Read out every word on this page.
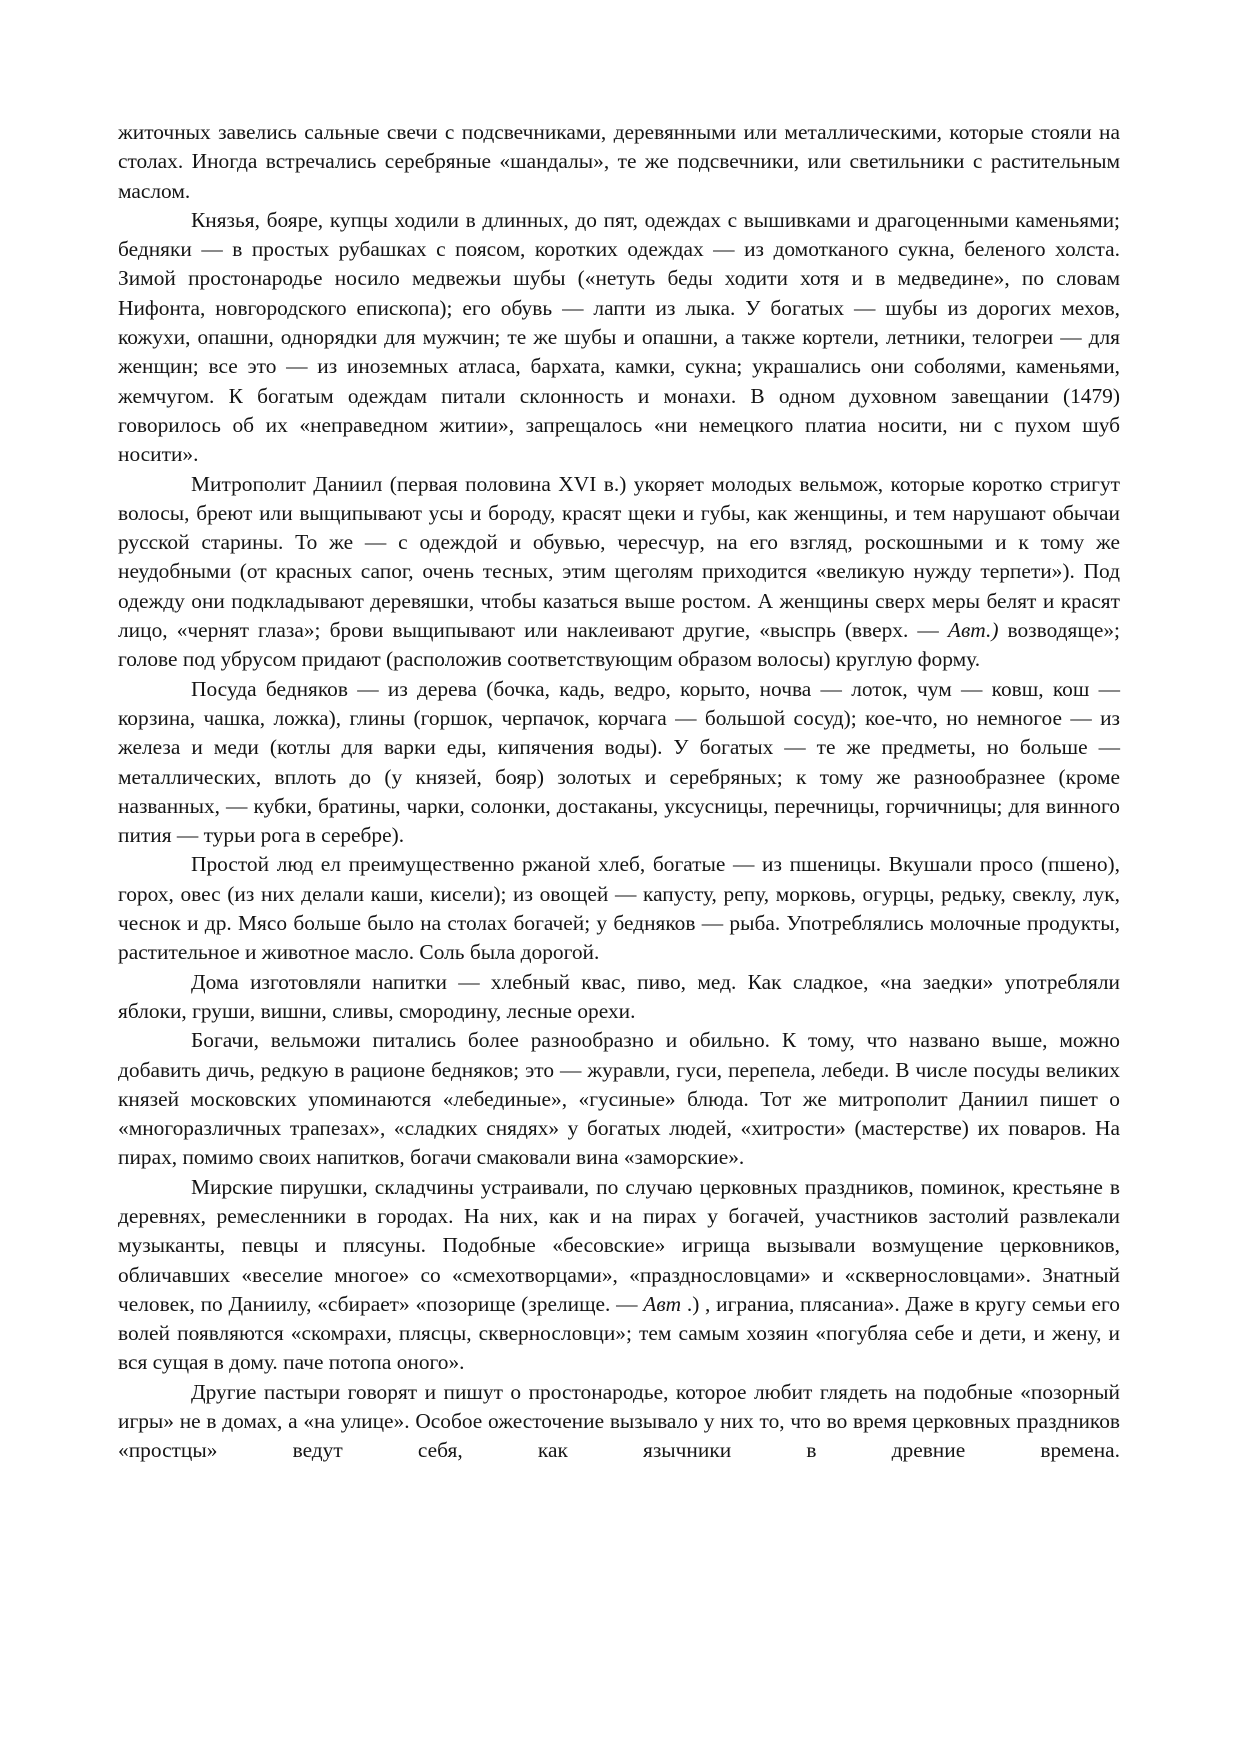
житочных завелись сальные свечи с подсвечниками, деревянными или металлическими, которые стояли на столах. Иногда встречались серебряные «шандалы», те же подсвечники, или светильники с растительным маслом.

Князья, бояре, купцы ходили в длинных, до пят, одеждах с вышивками и драгоценными каменьями; бедняки — в простых рубашках с поясом, коротких одеждах — из домотканого сукна, беленого холста. Зимой простонародье носило медвежьи шубы («нетуть беды ходити хотя и в медведине», по словам Нифонта, новгородского епископа); его обувь — лапти из лыка. У богатых — шубы из дорогих мехов, кожухи, опашни, однорядки для мужчин; те же шубы и опашни, а также кортели, летники, телогреи — для женщин; все это — из иноземных атласа, бархата, камки, сукна; украшались они соболями, каменьями, жемчугом. К богатым одеждам питали склонность и монахи. В одном духовном завещании (1479) говорилось об их «неправедном житии», запрещалось «ни немецкого платиа носити, ни с пухом шуб носити».

Митрополит Даниил (первая половина XVI в.) укоряет молодых вельмож, которые коротко стригут волосы, бреют или выщипывают усы и бороду, красят щеки и губы, как женщины, и тем нарушают обычаи русской старины. То же — с одеждой и обувью, чересчур, на его взгляд, роскошными и к тому же неудобными (от красных сапог, очень тесных, этим щеголям приходится «великую нужду терпети»). Под одежду они подкладывают деревяшки, чтобы казаться выше ростом. А женщины сверх меры белят и красят лицо, «чернят глаза»; брови выщипывают или наклеивают другие, «выспрь (вверх. — Авт.) возводяще»; голове под убрусом придают (расположив соответствующим образом волосы) круглую форму.

Посуда бедняков — из дерева (бочка, кадь, ведро, корыто, ночва — лоток, чум — ковш, кош — корзина, чашка, ложка), глины (горшок, черпачок, корчага — большой сосуд); кое-что, но немногое — из железа и меди (котлы для варки еды, кипячения воды). У богатых — те же предметы, но больше — металлических, вплоть до (у князей, бояр) золотых и серебряных; к тому же разнообразнее (кроме названных, — кубки, братины, чарки, солонки, достаканы, уксусницы, перечницы, горчичницы; для винного пития — турьи рога в серебре).

Простой люд ел преимущественно ржаной хлеб, богатые — из пшеницы. Вкушали просо (пшено), горох, овес (из них делали каши, кисели); из овощей — капусту, репу, морковь, огурцы, редьку, свеклу, лук, чеснок и др. Мясо больше было на столах богачей; у бедняков — рыба. Употреблялись молочные продукты, растительное и животное масло. Соль была дорогой.

Дома изготовляли напитки — хлебный квас, пиво, мед. Как сладкое, «на заедки» употребляли яблоки, груши, вишни, сливы, смородину, лесные орехи.

Богачи, вельможи питались более разнообразно и обильно. К тому, что названо выше, можно добавить дичь, редкую в рационе бедняков; это — журавли, гуси, перепела, лебеди. В числе посуды великих князей московских упоминаются «лебединые», «гусиные» блюда. Тот же митрополит Даниил пишет о «многоразличных трапезах», «сладких снядях» у богатых людей, «хитрости» (мастерстве) их поваров. На пирах, помимо своих напитков, богачи смаковали вина «заморские».

Мирские пирушки, складчины устраивали, по случаю церковных праздников, поминок, крестьяне в деревнях, ремесленники в городах. На них, как и на пирах у богачей, участников застолий развлекали музыканты, певцы и плясуны. Подобные «бесовские» игрища вызывали возмущение церковников, обличавших «веселие многое» со «смехотворцами», «празднословцами» и «сквернословцами». Знатный человек, по Даниилу, «сбирает» «позорище (зрелище. — Авт .) , играниа, плясаниа». Даже в кругу семьи его волей появляются «скомрахи, плясцы, сквернословци»; тем самым хозяин «погубляа себе и дети, и жену, и вся сущая в дому. паче потопа оного».

Другие пастыри говорят и пишут о простонародье, которое любит глядеть на подобные «позорный игры» не в домах, а «на улице». Особое ожесточение вызывало у них то, что во время церковных праздников «простцы» ведут себя, как язычники в древние времена.
